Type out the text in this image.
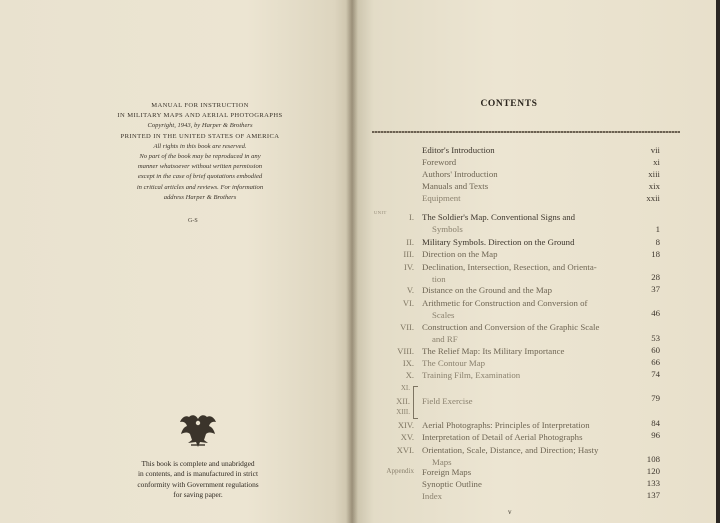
MANUAL FOR INSTRUCTION
IN MILITARY MAPS AND AERIAL PHOTOGRAPHS
Copyright, 1943, by Harper & Brothers
PRINTED IN THE UNITED STATES OF AMERICA
All rights in this book are reserved.
No part of the book may be reproduced in any
manner whatsoever without written permission
except in the case of brief quotations embodied
in critical articles and reviews. For information
address Harper & Brothers
G-S
This book is complete and unabridged
in contents, and is manufactured in strict
conformity with Government regulations
for saving paper.
CONTENTS
Editor's Introduction	vii
Foreword	xi
Authors' Introduction	xiii
Manuals and Texts	xix
Equipment	xxii
UNIT	I. The Soldier's Map. Conventional Signs and
Symbols	1
II. Military Symbols. Direction on the Ground	8
III. Direction on the Map	18
IV. Declination, Intersection, Resection, and Orienta-
tion	28
V. Distance on the Ground and the Map	37
VI. Arithmetic for Construction and Conversion of
Scales	46
VII. Construction and Conversion of the Graphic Scale
and RF	53
VIII. The Relief Map: Its Military Importance	60
IX. The Contour Map	66
X. Training Film, Examination	74
XI.
XII.
XIII.
Field Exercise	79
XIV. Aerial Photographs: Principles of Interpretation	84
XV. Interpretation of Detail of Aerial Photographs	96
XVI. Orientation, Scale, Distance, and Direction; Hasty
Maps	108
Appendix Foreign Maps	120
Synoptic Outline	133
Index	137
v
